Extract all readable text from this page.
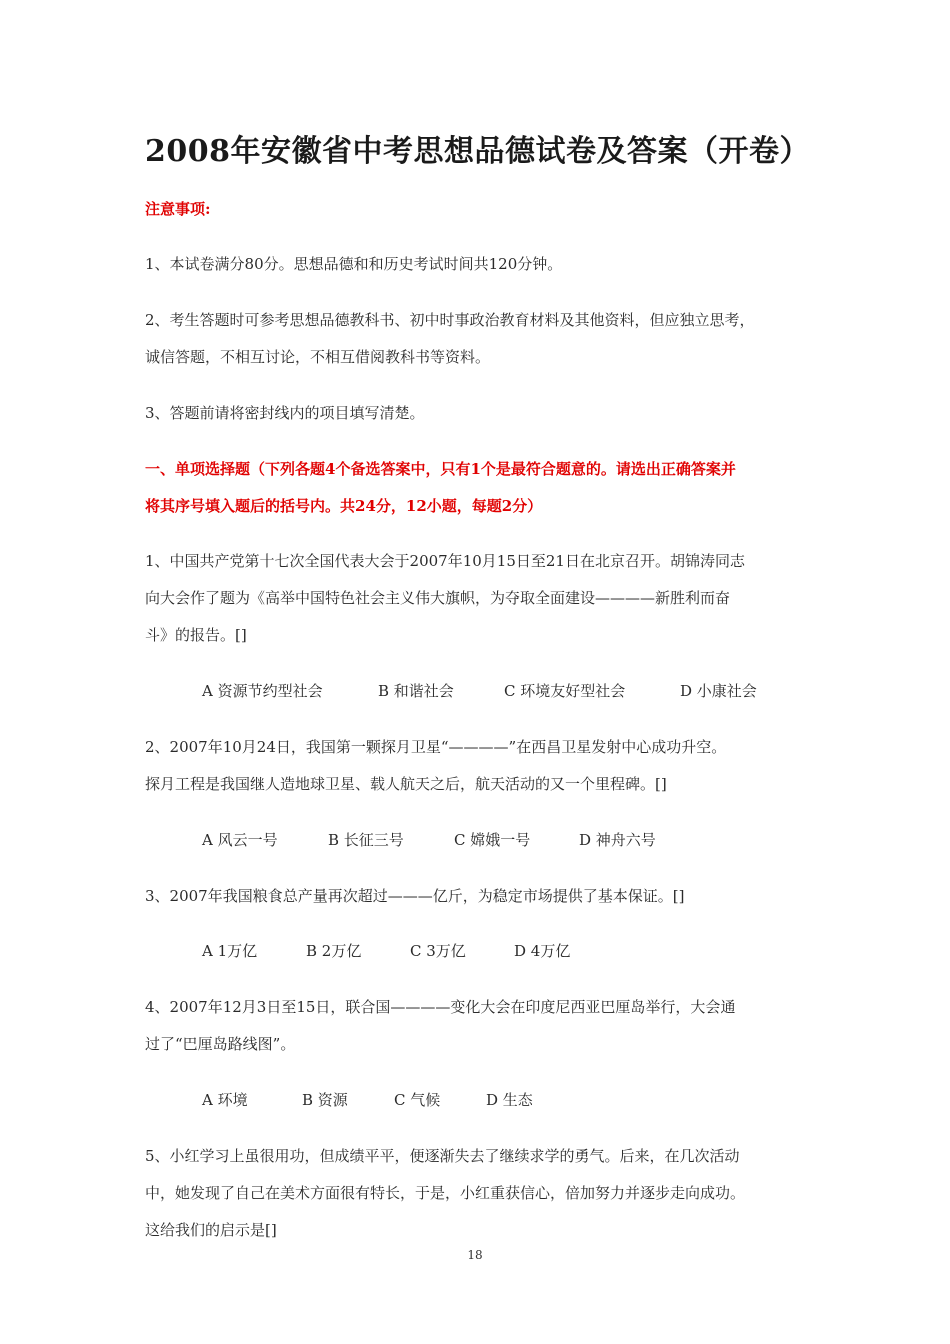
2008年安徽省中考思想品德试卷及答案（开卷）
注意事项:
1、本试卷满分80分。思想品德和和历史考试时间共120分钟。
2、考生答题时可参考思想品德教科书、初中时事政治教育材料及其他资料，但应独立思考，
诚信答题，不相互讨论，不相互借阅教科书等资料。
3、答题前请将密封线内的项目填写清楚。
一、单项选择题（下列各题4个备选答案中，只有1个是最符合题意的。请选出正确答案并
将其序号填入题后的括号内。共24分，12小题，每题2分）
1、中国共产党第十七次全国代表大会于2007年10月15日至21日在北京召开。胡锦涛同志
向大会作了题为《高举中国特色社会主义伟大旗帜，为夺取全面建设————新胜利而奋
斗》的报告。[]
A 资源节约型社会	B 和谐社会	C 环境友好型社会	D 小康社会
2、2007年10月24日，我国第一颗探月卫星“————”在西昌卫星发射中心成功升空。
探月工程是我国继人造地球卫星、载人航天之后，航天活动的又一个里程碑。[]
A 风云一号	B 长征三号	C 嫦娥一号	D 神舟六号
3、2007年我国粮食总产量再次超过———亿斤，为稳定市场提供了基本保证。[]
A 1万亿	B 2万亿	C 3万亿	D 4万亿
4、2007年12月3日至15日，联合国————变化大会在印度尼西亚巴厘岛举行，大会通
过了“巴厘岛路线图”。
A 环境	B 资源	C 气候	D 生态
5、小红学习上虽很用功，但成绩平平，便逐渐失去了继续求学的勇气。后来，在几次活动
中，她发现了自己在美术方面很有特长，于是，小红重获信心，倍加努力并逐步走向成功。
这给我们的启示是[]
18
